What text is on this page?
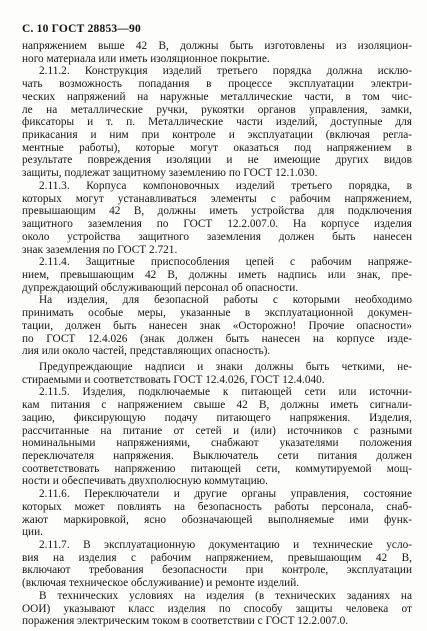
С. 10 ГОСТ 28853—90
напряжением выше 42 В, должны быть изготовлены из изоляцион-
ного материала или иметь изоляционное покрытие.
2.11.2. Конструкция изделий третьего порядка должна исклю-
чать возможность попадания в процессе эксплуатации электри-
ческих напряжений на наружные металлические части, в том чис-
ле на металлические ручки, рукоятки органов управления, замки,
фиксаторы и т. п. Металлические части изделий, доступные для
прикасания и ним при контроле и эксплуатации (включая регла-
ментные работы), которые могут оказаться под напряжением в
результате повреждения изоляции и не имеющие других видов
защиты, подлежат защитному заземлению по ГОСТ 12.1.030.
2.11.3. Корпуса компоновочных изделий третьего порядка, в
которых могут устанавливаться элементы с рабочим напряжением,
превышающим 42 В, должны иметь устройства для подключения
защитного заземления по ГОСТ 12.2.007.0. На корпусе изделия
около устройства защитного заземления должен быть нанесен
знак заземления по ГОСТ 2.721.
2.11.4. Защитные приспособления цепей с рабочим напряже-
нием, превышающим 42 В, должны иметь надпись или знак, пре-
дупреждающий обслуживающий персонал об опасности.
На изделия, для безопасной работы с которыми необходимо
принимать особые меры, указанные в эксплуатационной докумен-
тации, должен быть нанесен знак «Осторожно! Прочие опасности»
по ГОСТ 12.4.026 (знак должен быть нанесен на корпусе изде-
лия или около частей, представляющих опасность).
Предупреждающие надписи и знаки должны быть четкими, не-
стираемыми и соответствовать ГОСТ 12.4.026, ГОСТ 12.4.040.
2.11.5. Изделия, подключаемые к питающей сети или источни-
кам питания с напряжением свыше 42 В, должны иметь сигнали-
зацию, фиксирующую подачу питающего напряжения. Изделия,
рассчитанные на питание от сетей и (или) источников с разными
номинальными напряжениями, снабжают указателями положения
переключателя напряжения. Выключатель сети питания должен
соответствовать напряжению питающей сети, коммутируемой мощ-
ности и обеспечивать двухполюсную коммутацию.
2.11.6. Переключатели и другие органы управления, состояние
которых может повлиять на безопасность работы персонала, снаб-
жают маркировкой, ясно обозначающей выполняемые ими функ-
ции.
2.11.7. В эксплуатационную документацию и технические усло-
вия на изделия с рабочим напряжением, превышающим 42 В,
включают требования безопасности при контроле, эксплуатации
(включая техническое обслуживание) и ремонте изделий.
В технических условиях на изделия (в технических заданиях на
ООИ) указывают класс изделия по способу защиты человека от
поражения электрическим током в соответствии с ГОСТ 12.2.007.0.
